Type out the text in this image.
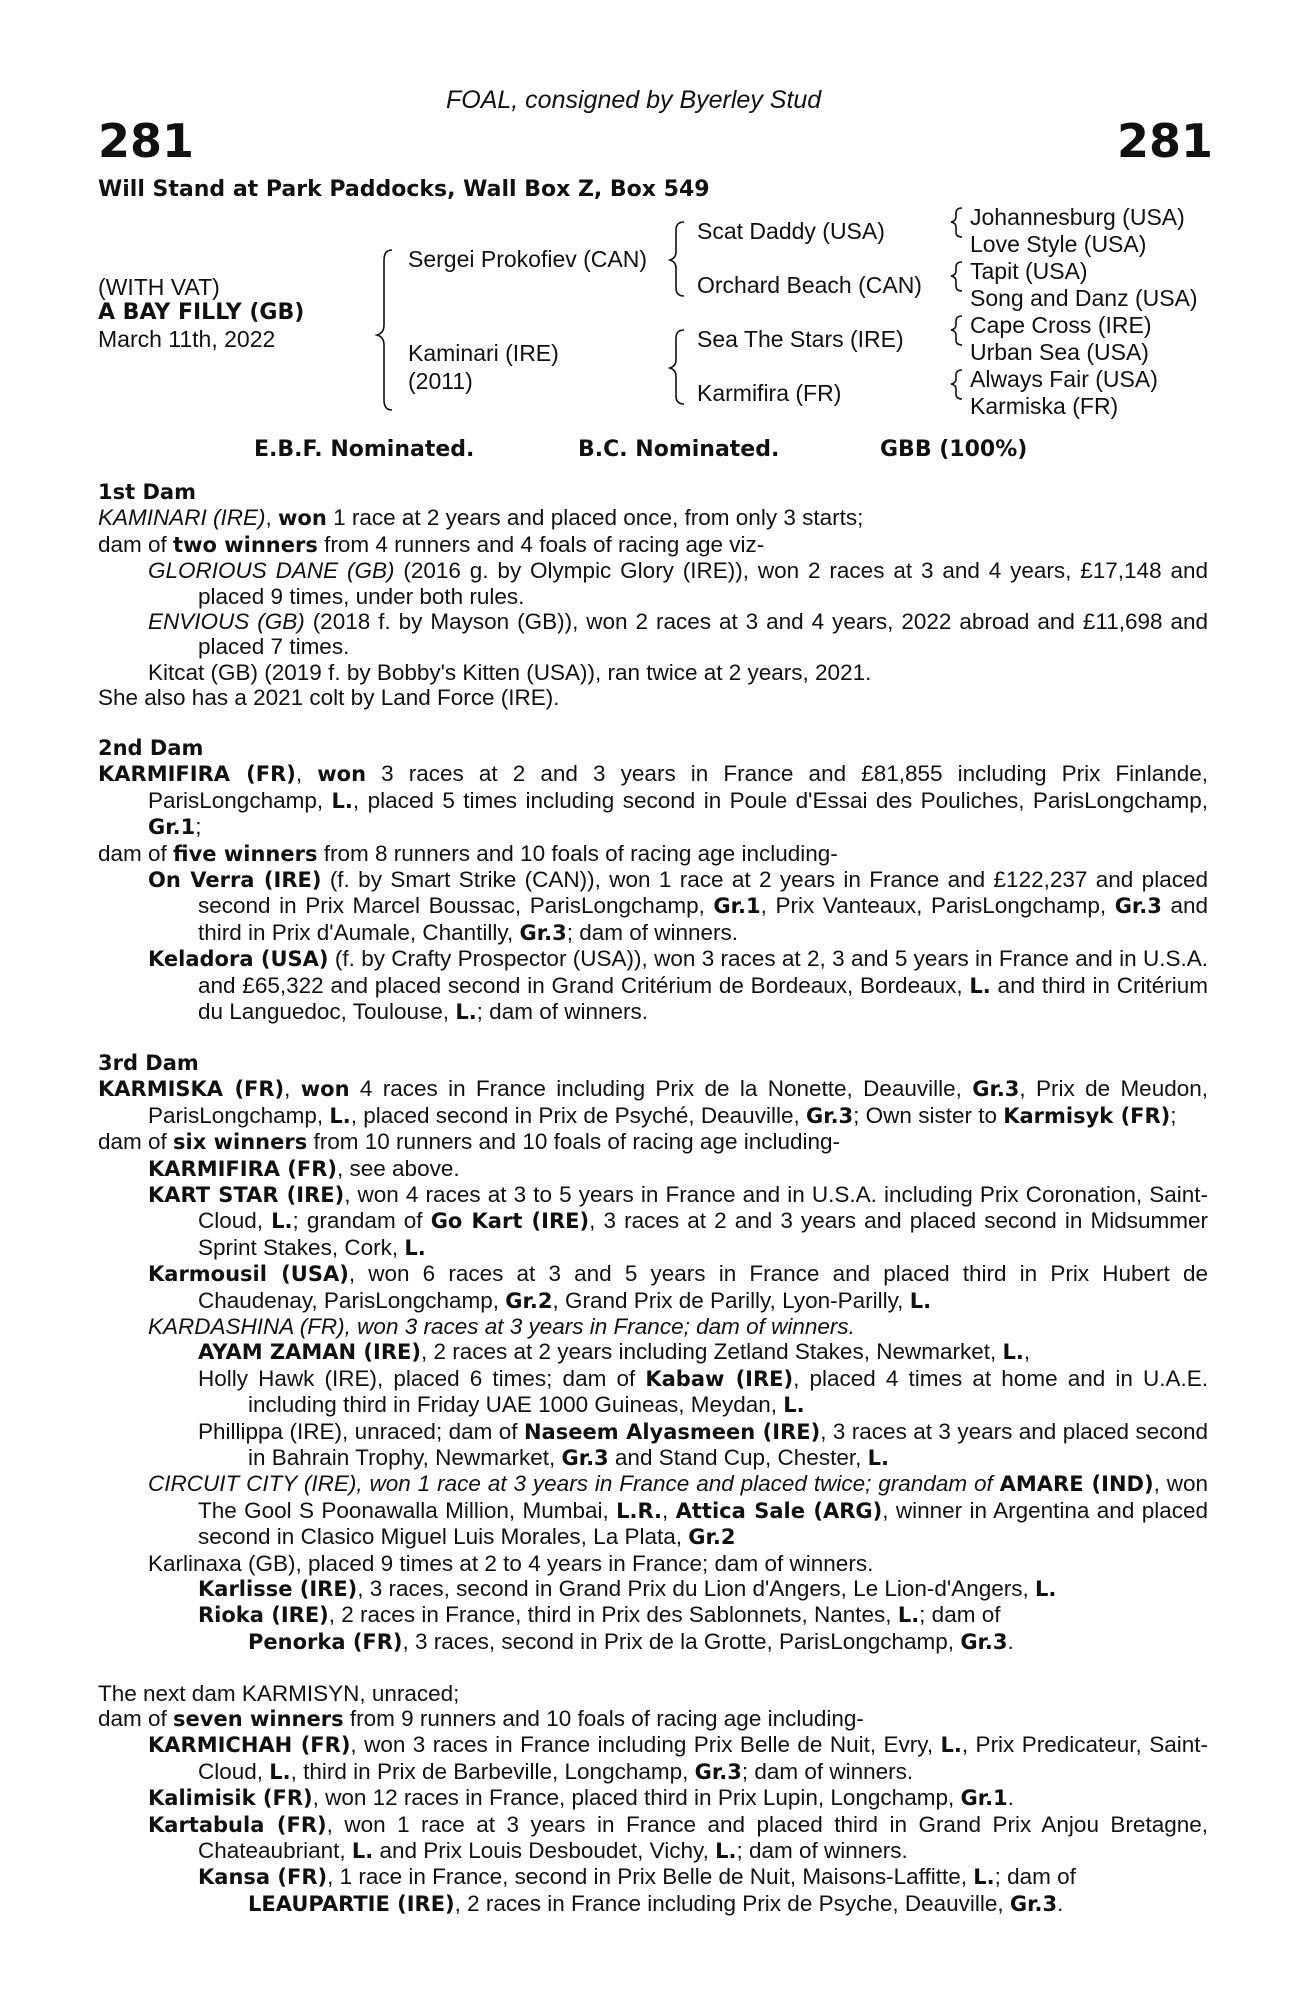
FOAL, consigned by Byerley Stud
281	281
Will Stand at Park Paddocks, Wall Box Z, Box 549
(WITH VAT)
A BAY FILLY (GB)
March 11th, 2022
Sergei Prokofiev (CAN)
Kaminari (IRE)
(2011)
Scat Daddy (USA)
Orchard Beach (CAN)
Sea The Stars (IRE)
Karmifira (FR)
Johannesburg (USA)
Love Style (USA)
Tapit (USA)
Song and Danz (USA)
Cape Cross (IRE)
Urban Sea (USA)
Always Fair (USA)
Karmiska (FR)
E.B.F. Nominated.	B.C. Nominated.	GBB (100%)
1st Dam

KAMINARI (IRE), won 1 race at 2 years and placed once, from only 3 starts;

dam of two winners from 4 runners and 4 foals of racing age viz-

GLORIOUS DANE (GB) (2016 g. by Olympic Glory (IRE)), won 2 races at 3 and 4 years, £17,148 and placed 9 times, under both rules.

ENVIOUS (GB) (2018 f. by Mayson (GB)), won 2 races at 3 and 4 years, 2022 abroad and £11,698 and placed 7 times.

Kitcat (GB) (2019 f. by Bobby's Kitten (USA)), ran twice at 2 years, 2021.

She also has a 2021 colt by Land Force (IRE).

2nd Dam

KARMIFIRA (FR), won 3 races at 2 and 3 years in France and £81,855 including Prix Finlande, ParisLongchamp, L., placed 5 times including second in Poule d'Essai des Pouliches, ParisLongchamp, Gr.1;

dam of five winners from 8 runners and 10 foals of racing age including-

On Verra (IRE) (f. by Smart Strike (CAN)), won 1 race at 2 years in France and £122,237 and placed second in Prix Marcel Boussac, ParisLongchamp, Gr.1, Prix Vanteaux, ParisLongchamp, Gr.3 and third in Prix d'Aumale, Chantilly, Gr.3; dam of winners.

Keladora (USA) (f. by Crafty Prospector (USA)), won 3 races at 2, 3 and 5 years in France and in U.S.A. and £65,322 and placed second in Grand Critérium de Bordeaux, Bordeaux, L. and third in Critérium du Languedoc, Toulouse, L.; dam of winners.

3rd Dam

KARMISKA (FR), won 4 races in France including Prix de la Nonette, Deauville, Gr.3, Prix de Meudon, ParisLongchamp, L., placed second in Prix de Psyché, Deauville, Gr.3; Own sister to Karmisyk (FR);

dam of six winners from 10 runners and 10 foals of racing age including-

KARMIFIRA (FR), see above.

KART STAR (IRE), won 4 races at 3 to 5 years in France and in U.S.A. including Prix Coronation, Saint-Cloud, L.; grandam of Go Kart (IRE), 3 races at 2 and 3 years and placed second in Midsummer Sprint Stakes, Cork, L.

Karmousil (USA), won 6 races at 3 and 5 years in France and placed third in Prix Hubert de Chaudenay, ParisLongchamp, Gr.2, Grand Prix de Parilly, Lyon-Parilly, L.

KARDASHINA (FR), won 3 races at 3 years in France; dam of winners.

AYAM ZAMAN (IRE), 2 races at 2 years including Zetland Stakes, Newmarket, L.,

Holly Hawk (IRE), placed 6 times; dam of Kabaw (IRE), placed 4 times at home and in U.A.E. including third in Friday UAE 1000 Guineas, Meydan, L.

Phillippa (IRE), unraced; dam of Naseem Alyasmeen (IRE), 3 races at 3 years and placed second in Bahrain Trophy, Newmarket, Gr.3 and Stand Cup, Chester, L.

CIRCUIT CITY (IRE), won 1 race at 3 years in France and placed twice; grandam of AMARE (IND), won The Gool S Poonawalla Million, Mumbai, L.R., Attica Sale (ARG), winner in Argentina and placed second in Clasico Miguel Luis Morales, La Plata, Gr.2

Karlinaxa (GB), placed 9 times at 2 to 4 years in France; dam of winners.

Karlisse (IRE), 3 races, second in Grand Prix du Lion d'Angers, Le Lion-d'Angers, L.

Rioka (IRE), 2 races in France, third in Prix des Sablonnets, Nantes, L.; dam of

Penorka (FR), 3 races, second in Prix de la Grotte, ParisLongchamp, Gr.3.

The next dam KARMISYN, unraced;

dam of seven winners from 9 runners and 10 foals of racing age including-

KARMICHAH (FR), won 3 races in France including Prix Belle de Nuit, Evry, L., Prix Predicateur, Saint-Cloud, L., third in Prix de Barbeville, Longchamp, Gr.3; dam of winners.

Kalimisik (FR), won 12 races in France, placed third in Prix Lupin, Longchamp, Gr.1.

Kartabula (FR), won 1 race at 3 years in France and placed third in Grand Prix Anjou Bretagne, Chateaubriant, L. and Prix Louis Desboudet, Vichy, L.; dam of winners.

Kansa (FR), 1 race in France, second in Prix Belle de Nuit, Maisons-Laffitte, L.; dam of

LEAUPARTIE (IRE), 2 races in France including Prix de Psyche, Deauville, Gr.3.
